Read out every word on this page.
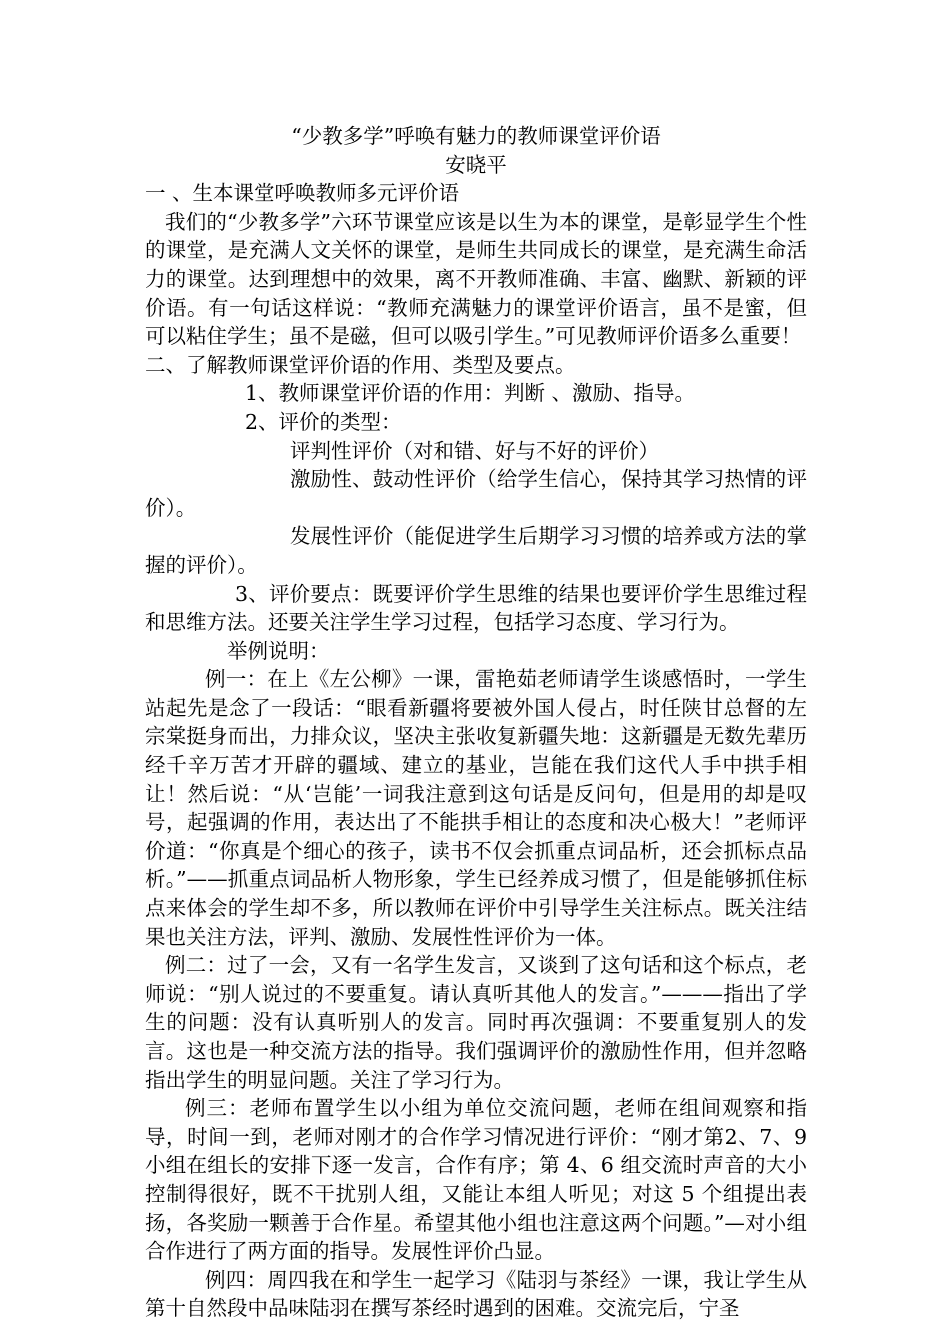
“少教多学”呼唤有魅力的教师课堂评价语
安晓平

一 、生本课堂呼唤教师多元评价语

我们的“少教多学”六环节课堂应该是以生为本的课堂，是彰显学生个性的课堂，是充满人文关怀的课堂，是师生共同成长的课堂，是充满生命活力的课堂。达到理想中的效果，离不开教师准确、丰富、幽默、新颖的评价语。有一句话这样说：“教师充满魅力的课堂评价语言，虽不是蜜，但可以粘住学生；虽不是磁，但可以吸引学生。”可见教师评价语多么重要！

二、了解教师课堂评价语的作用、类型及要点。

1、教师课堂评价语的作用：判断 、激励、指导。

2、评价的类型：

评判性评价（对和错、好与不好的评价）

激励性、鼓动性评价（给学生信心，保持其学习热情的评价）。

发展性评价（能促进学生后期学习习惯的培养或方法的掌握的评价）。

3、评价要点：既要评价学生思维的结果也要评价学生思维过程和思维方法。还要关注学生学习过程，包括学习态度、学习行为。

举例说明：

例一：在上《左公柳》一课，雷艳茹老师请学生谈感悟时，一学生站起先是念了一段话：“眼看新疆将要被外国人侵占，时任陕甘总督的左宗棠挺身而出，力排众议，坚决主张收复新疆失地：这新疆是无数先辈历经千辛万苦才开辟的疆域、建立的基业，岂能在我们这代人手中拱手相让！然后说：“从‘岂能’一词我注意到这句话是反问句，但是用的却是叹号，起强调的作用，表达出了不能拱手相让的态度和决心极大！”老师评价道：“你真是个细心的孩子，读书不仅会抓重点词品析，还会抓标点品析。”——抓重点词品析人物形象，学生已经养成习惯了，但是能够抓住标点来体会的学生却不多，所以教师在评价中引导学生关注标点。既关注结果也关注方法，评判、激励、发展性性评价为一体。

例二：过了一会，又有一名学生发言，又谈到了这句话和这个标点，老师说：“别人说过的不要重复。请认真听其他人的发言。”———指出了学生的问题：没有认真听别人的发言。同时再次强调：不要重复别人的发言。这也是一种交流方法的指导。我们强调评价的激励性作用，但并忽略指出学生的明显问题。关注了学习行为。

例三：老师布置学生以小组为单位交流问题，老师在组间观察和指导，时间一到，老师对刚才的合作学习情况进行评价：“刚才第2、7、9 小组在组长的安排下逐一发言，合作有序；第 4、6 组交流时声音的大小控制得很好，既不干扰别人组，又能让本组人听见；对这 5 个组提出表扬，各奖励一颗善于合作星。希望其他小组也注意这两个问题。”—对小组合作进行了两方面的指导。发展性评价凸显。

例四：周四我在和学生一起学习《陆羽与茶经》一课，我让学生从第十自然段中品味陆羽在撰写茶经时遇到的困难。交流完后，宁圣
